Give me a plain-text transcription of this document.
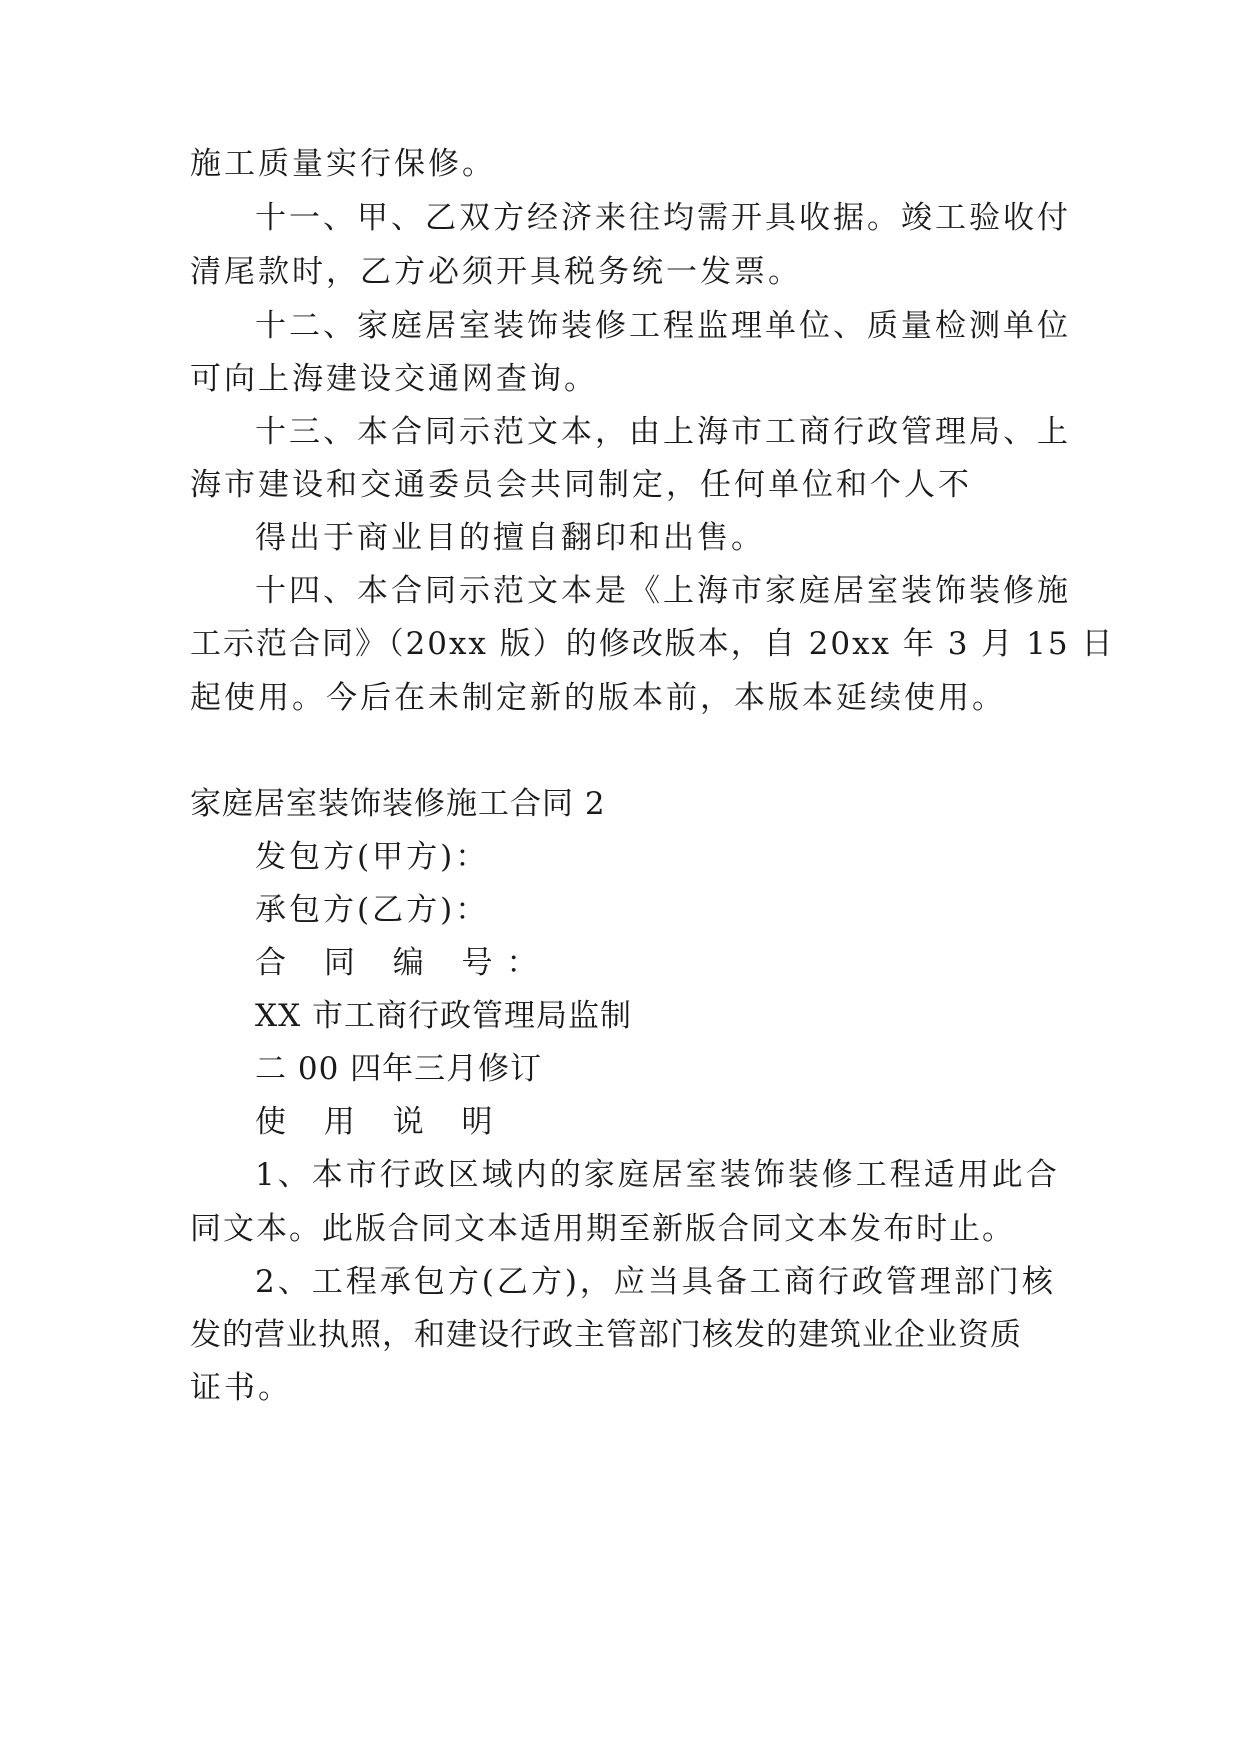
施工质量实行保修。
十一、甲、乙双方经济来往均需开具收据。竣工验收付
清尾款时，乙方必须开具税务统一发票。
十二、家庭居室装饰装修工程监理单位、质量检测单位
可向上海建设交通网查询。
十三、本合同示范文本，由上海市工商行政管理局、上
海市建设和交通委员会共同制定，任何单位和个人不
得出于商业目的擅自翻印和出售。
十四、本合同示范文本是《上海市家庭居室装饰装修施
工示范合同》（20xx 版）的修改版本，自 20xx 年 3 月 15 日
起使用。今后在未制定新的版本前，本版本延续使用。
家庭居室装饰装修施工合同 2
发包方(甲方)：
承包方(乙方)：
合 同 编 号：
XX 市工商行政管理局监制
二 00 四年三月修订
使 用 说 明
1、本市行政区域内的家庭居室装饰装修工程适用此合
同文本。此版合同文本适用期至新版合同文本发布时止。
2、工程承包方(乙方)，应当具备工商行政管理部门核
发的营业执照，和建设行政主管部门核发的建筑业企业资质
证书。
